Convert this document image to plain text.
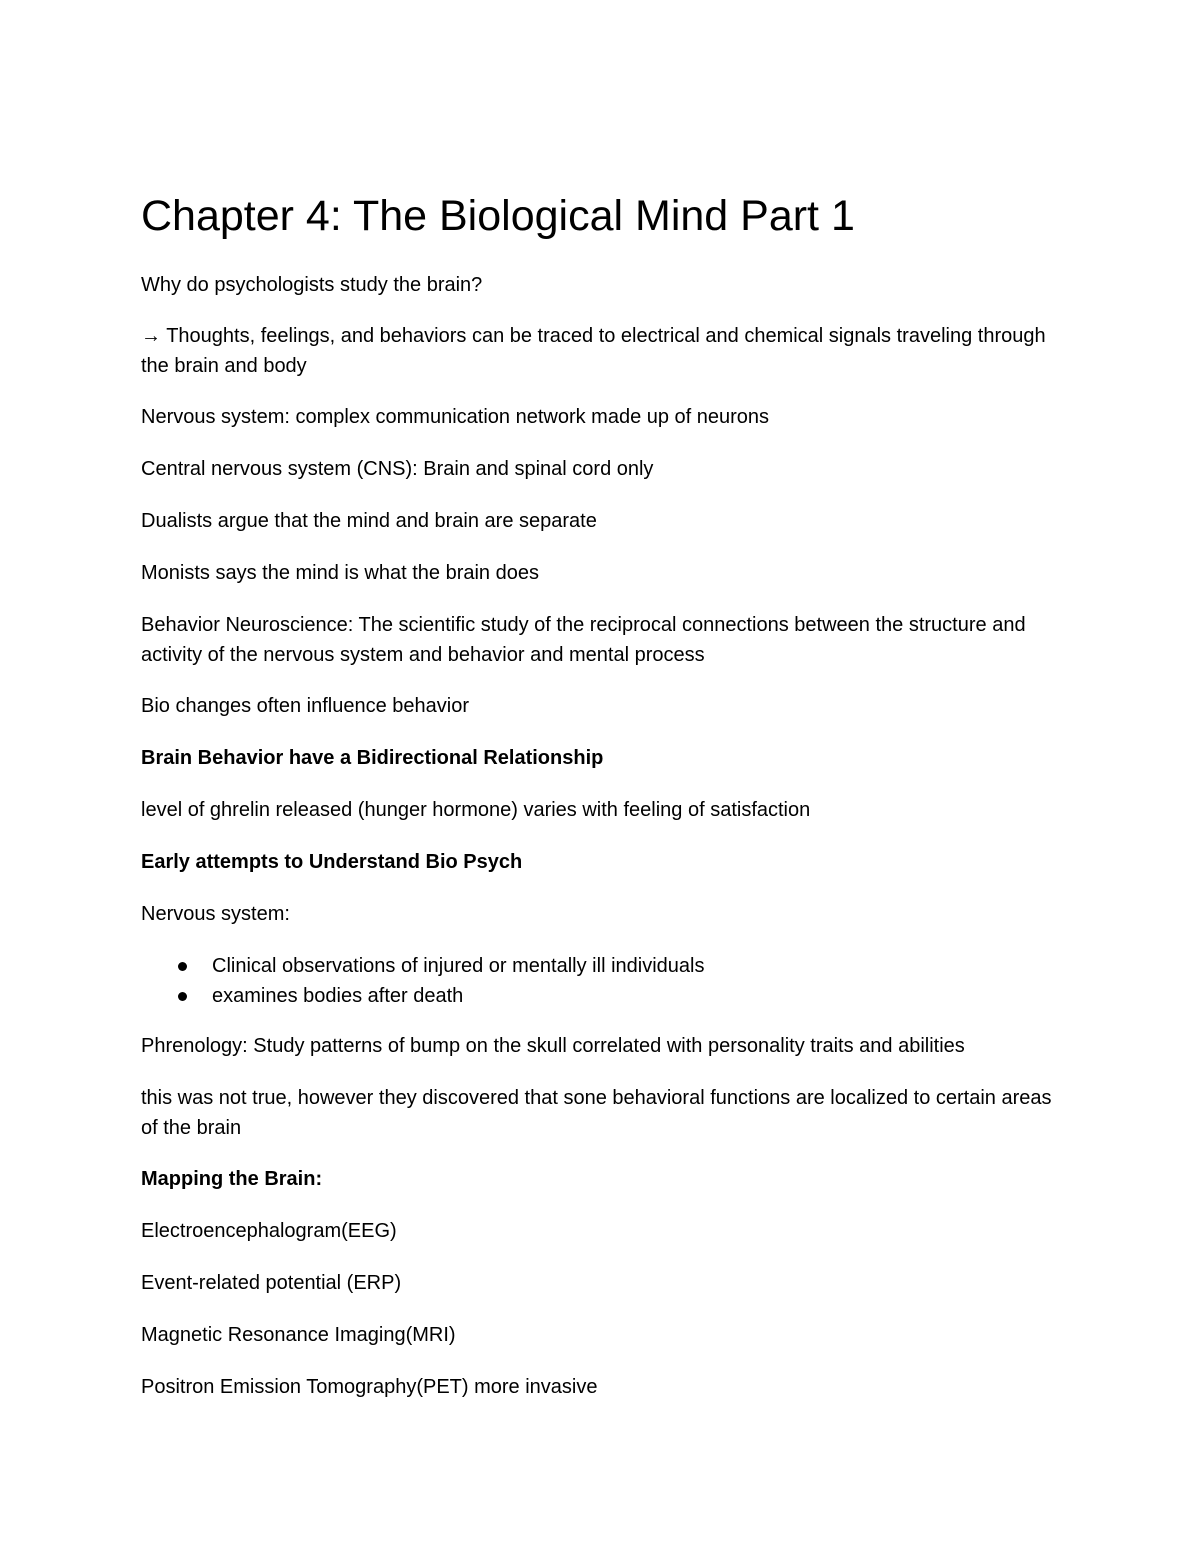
Chapter 4: The Biological Mind Part 1

Why do psychologists study the brain?

→ Thoughts, feelings, and behaviors can be traced to electrical and chemical signals traveling through the brain and body

Nervous system: complex communication network made up of neurons

Central nervous system (CNS): Brain and spinal cord only

Dualists argue that the mind and brain are separate

Monists says the mind is what the brain does

Behavior Neuroscience: The scientific study of the reciprocal connections between the structure and activity of the nervous system and behavior and mental process

Bio changes often influence behavior

Brain Behavior have a Bidirectional Relationship

level of ghrelin released (hunger hormone) varies with feeling of satisfaction

Early attempts to Understand Bio Psych

Nervous system:

Clinical observations of injured or mentally ill individuals
examines bodies after death

Phrenology: Study patterns of bump on the skull correlated with personality traits and abilities

this was not true, however they discovered that sone behavioral functions are localized to certain areas of the brain

Mapping the Brain:

Electroencephalogram(EEG)

Event-related potential (ERP)

Magnetic Resonance Imaging(MRI)

Positron Emission Tomography(PET) more invasive
